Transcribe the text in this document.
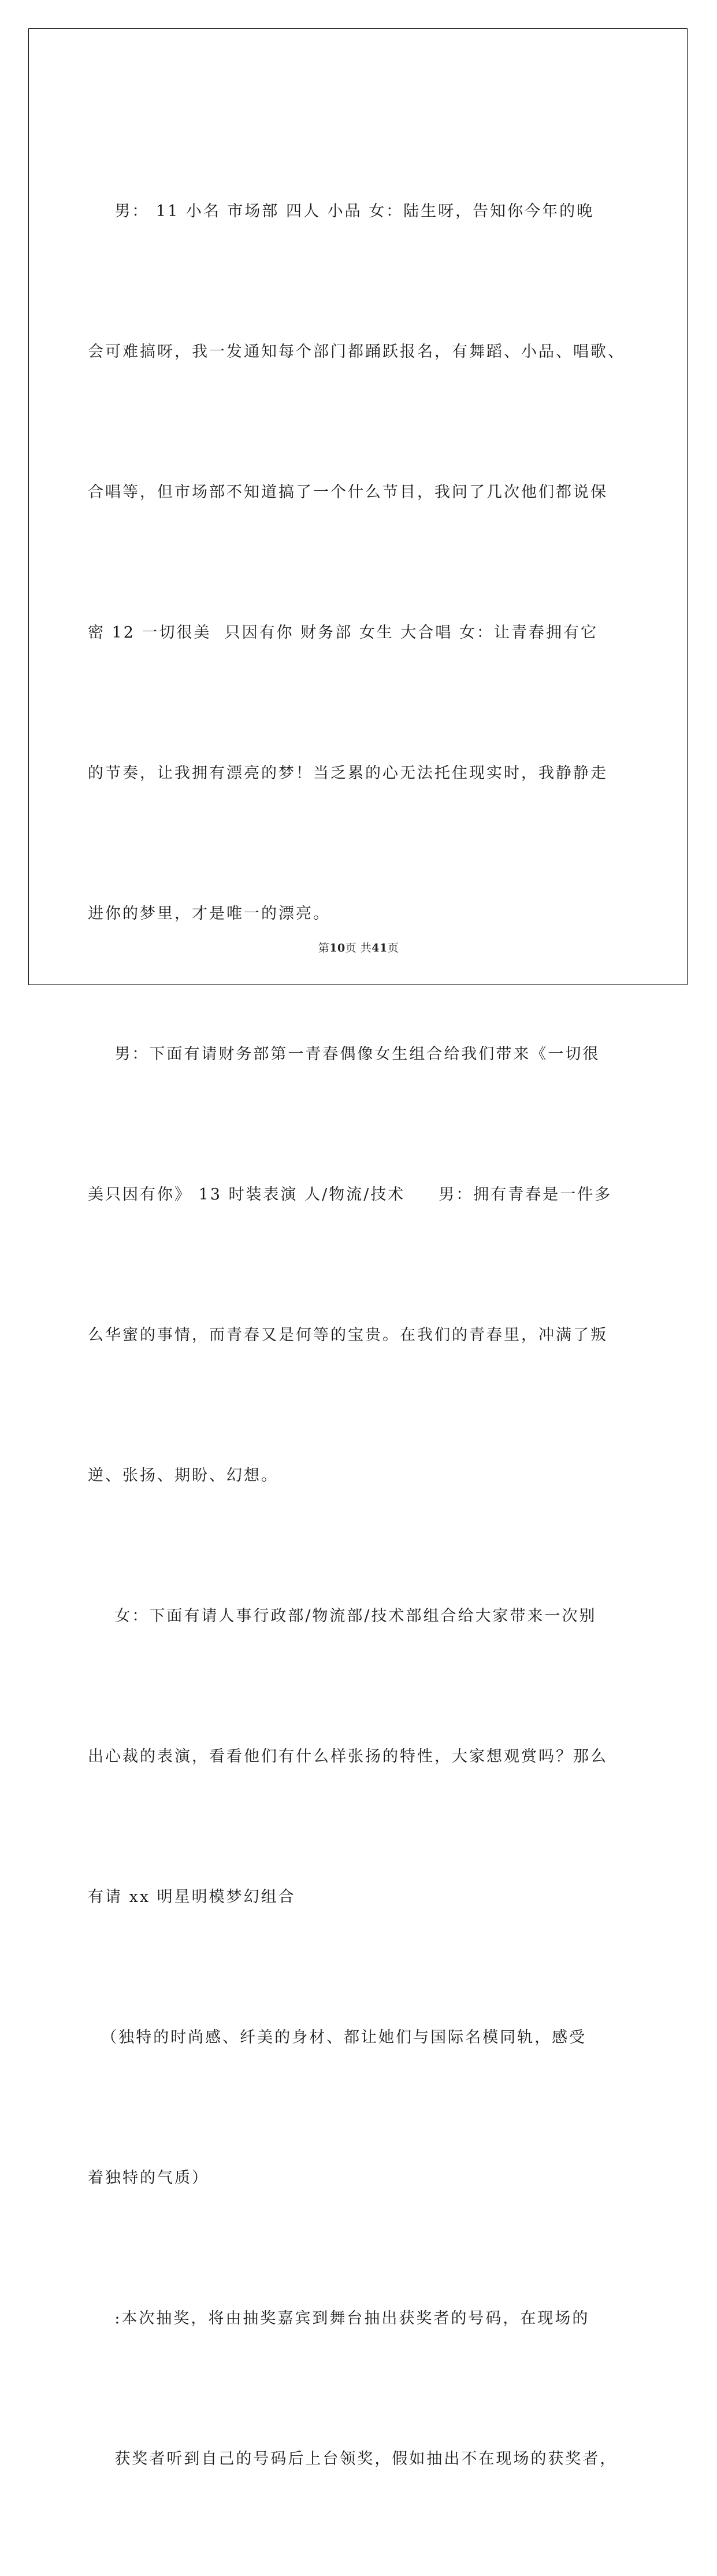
男： 11 小名 市场部 四人 小品 女：陆生呀，告知你今年的晚

会可难搞呀，我一发通知每个部门都踊跃报名，有舞蹈、小品、唱歌、

合唱等，但市场部不知道搞了一个什么节目，我问了几次他们都说保

密 12 一切很美  只因有你 财务部 女生 大合唱 女：让青春拥有它

的节奏，让我拥有漂亮的梦！当乏累的心无法托住现实时，我静静走

进你的梦里，才是唯一的漂亮。

男：下面有请财务部第一青春偶像女生组合给我们带来《一切很

美只因有你》 13 时装表演 人/物流/技术     男：拥有青春是一件多

么华蜜的事情，而青春又是何等的宝贵。在我们的青春里，冲满了叛

逆、张扬、期盼、幻想。

女：下面有请人事行政部/物流部/技术部组合给大家带来一次别

出心裁的表演，看看他们有什么样张扬的特性，大家想观赏吗？那么

有请 xx 明星明模梦幻组合

（独特的时尚感、纤美的身材、都让她们与国际名模同轨，感受

着独特的气质）

:本次抽奖，将由抽奖嘉宾到舞台抽出获奖者的号码，在现场的

获奖者听到自己的号码后上台领奖，假如抽出不在现场的获奖者，

第10页 共41页
